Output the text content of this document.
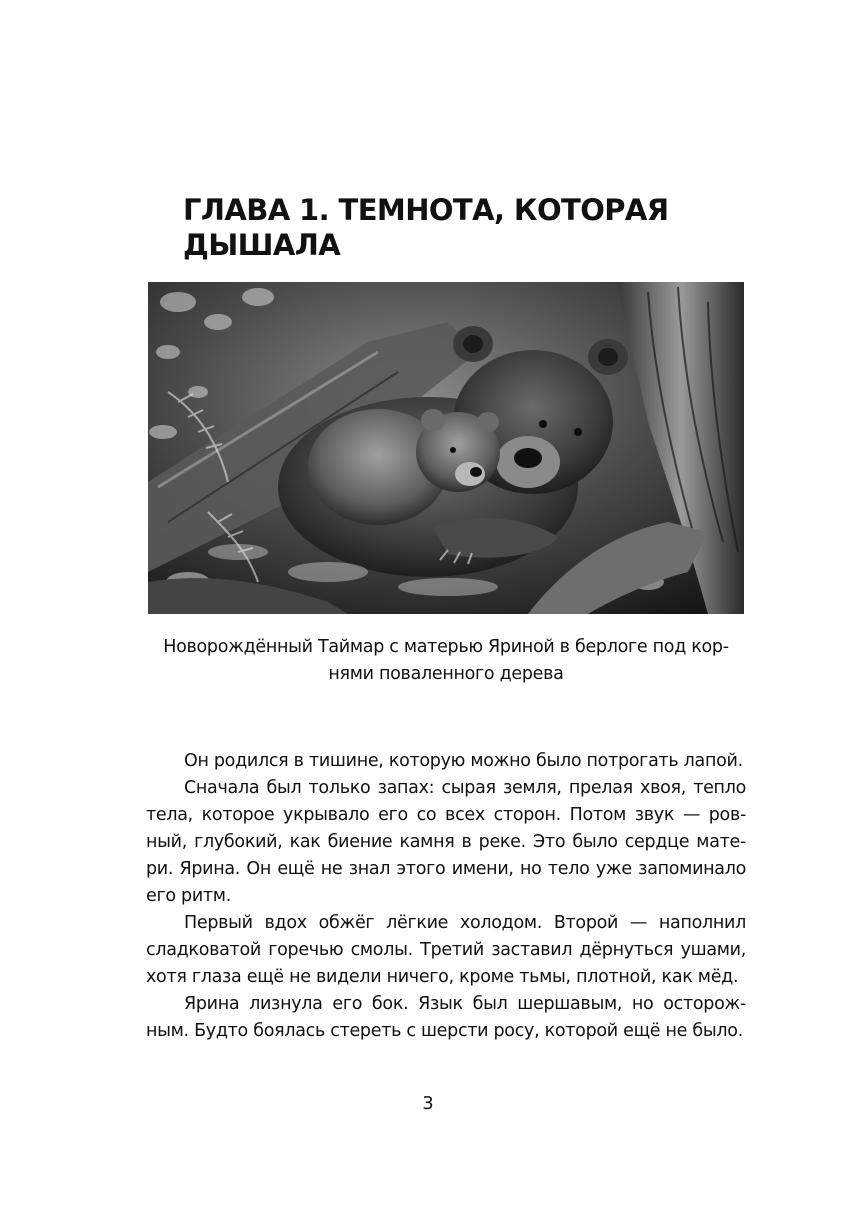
ГЛАВА 1. ТЕМНОТА, КОТОРАЯ
ДЫШАЛА
Новорождённый Таймар с матерью Яриной в берлоге под кор-
нями поваленного дерева
Он родился в тишине, которую можно было потрогать лапой.
Сначала был только запах: сырая земля, прелая хвоя, тепло
тела, которое укрывало его со всех сторон. Потом звук — ров-
ный, глубокий, как биение камня в реке. Это было сердце мате-
ри. Ярина. Он ещё не знал этого имени, но тело уже запоминало
его ритм.
Первый вдох обжёг лёгкие холодом. Второй — наполнил
сладковатой горечью смолы. Третий заставил дёрнуться ушами,
хотя глаза ещё не видели ничего, кроме тьмы, плотной, как мёд.
Ярина лизнула его бок. Язык был шершавым, но осторож-
ным. Будто боялась стереть с шерсти росу, которой ещё не было.
3
